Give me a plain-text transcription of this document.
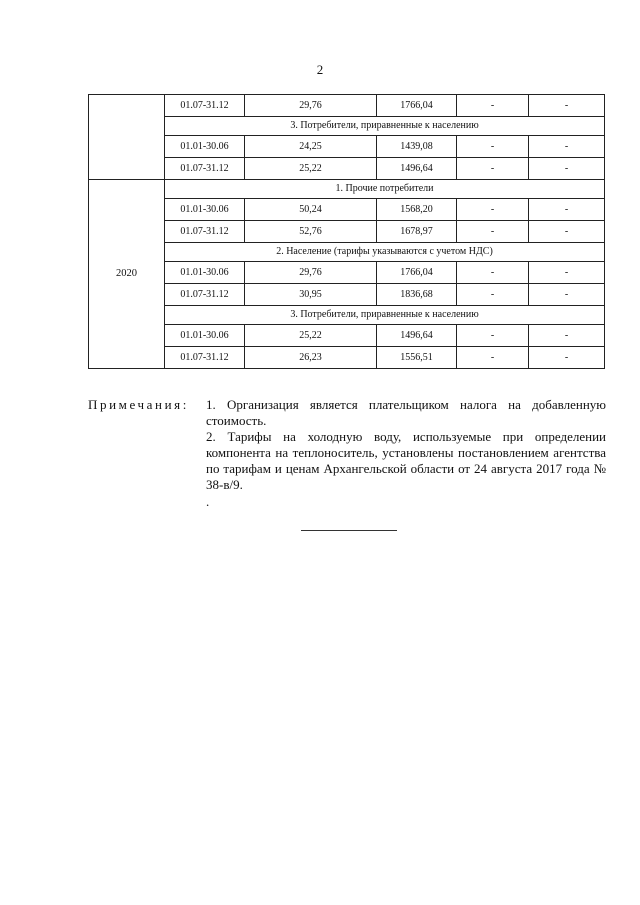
2
	01.07-31.12	29,76	1766,04	-	-
	3. Потребители, приравненные к населению				
	01.01-30.06	24,25	1439,08	-	-
	01.07-31.12	25,22	1496,64	-	-
2020	1. Прочие потребители				
	01.01-30.06	50,24	1568,20	-	-
	01.07-31.12	52,76	1678,97	-	-
	2. Население (тарифы указываются с учетом НДС)				
	01.01-30.06	29,76	1766,04	-	-
	01.07-31.12	30,95	1836,68	-	-
	3. Потребители, приравненные к населению				
	01.01-30.06	25,22	1496,64	-	-
	01.07-31.12	26,23	1556,51	-	-
Примечания:	1. Организация является плательщиком налога на добавленную стоимость.

2. Тарифы на холодную воду, используемые при определении компонента на теплоноситель, установлены постановлением агентства по тарифам и ценам Архангельской области от 24 августа 2017 года № 38-в/9.

.
